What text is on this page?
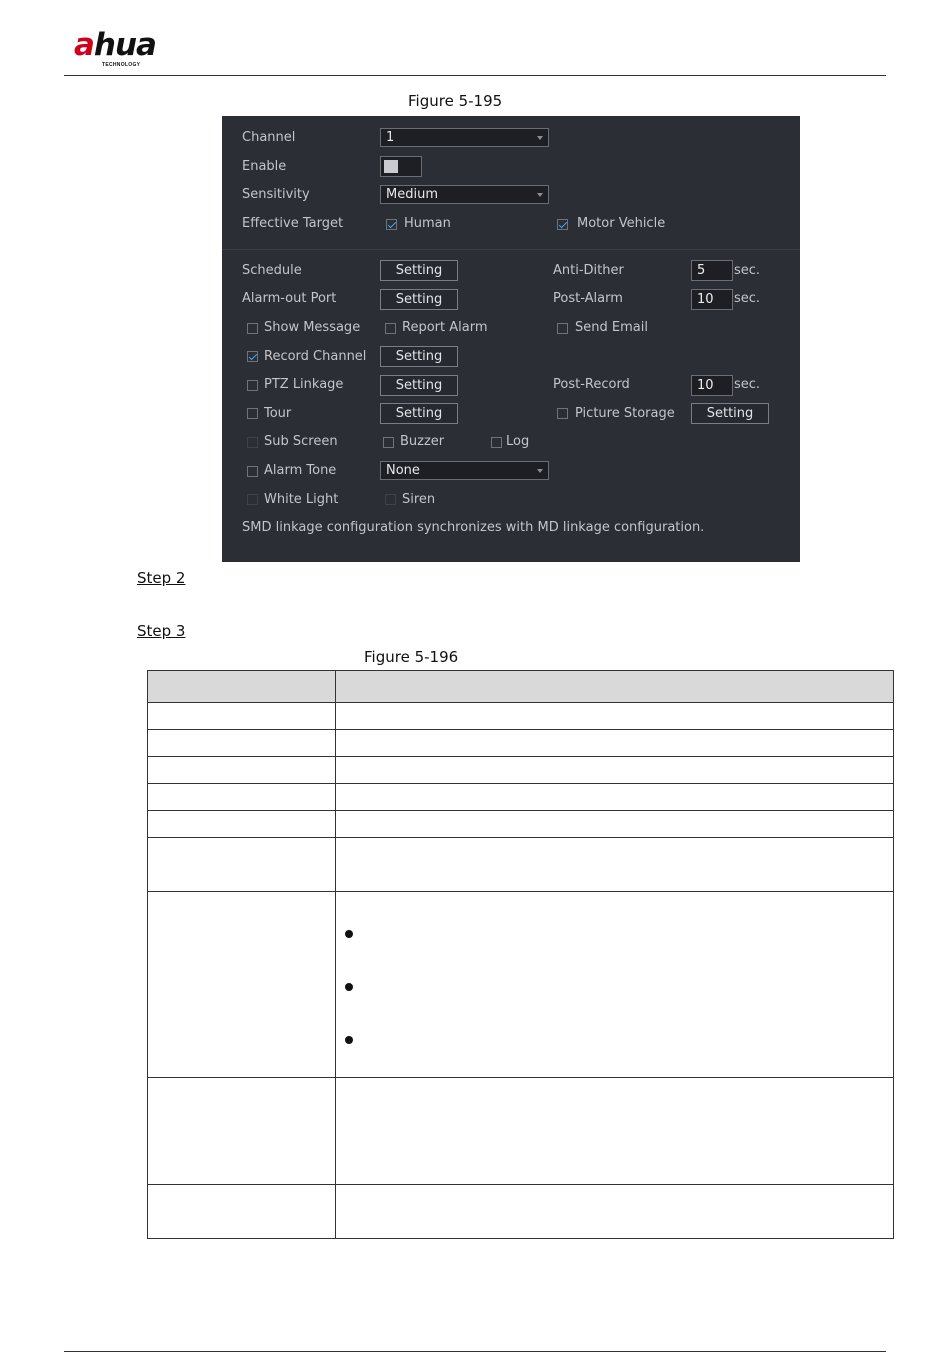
ahua
TECHNOLOGY
Figure 5-195
Channel	1
Enable
Sensitivity	Medium
Effective Target	Human	Motor Vehicle
Schedule	Setting	Anti-Dither	5	sec.
Alarm-out Port	Setting	Post-Alarm	10	sec.
Show Message	Report Alarm	Send Email
Record Channel	Setting
PTZ Linkage	Setting	Post-Record	10	sec.
Tour	Setting	Picture Storage	Setting
Sub Screen	Buzzer	Log
Alarm Tone	None
White Light	Siren
SMD linkage configuration synchronizes with MD linkage configuration.
Step 2
Step 3
Figure 5-196
